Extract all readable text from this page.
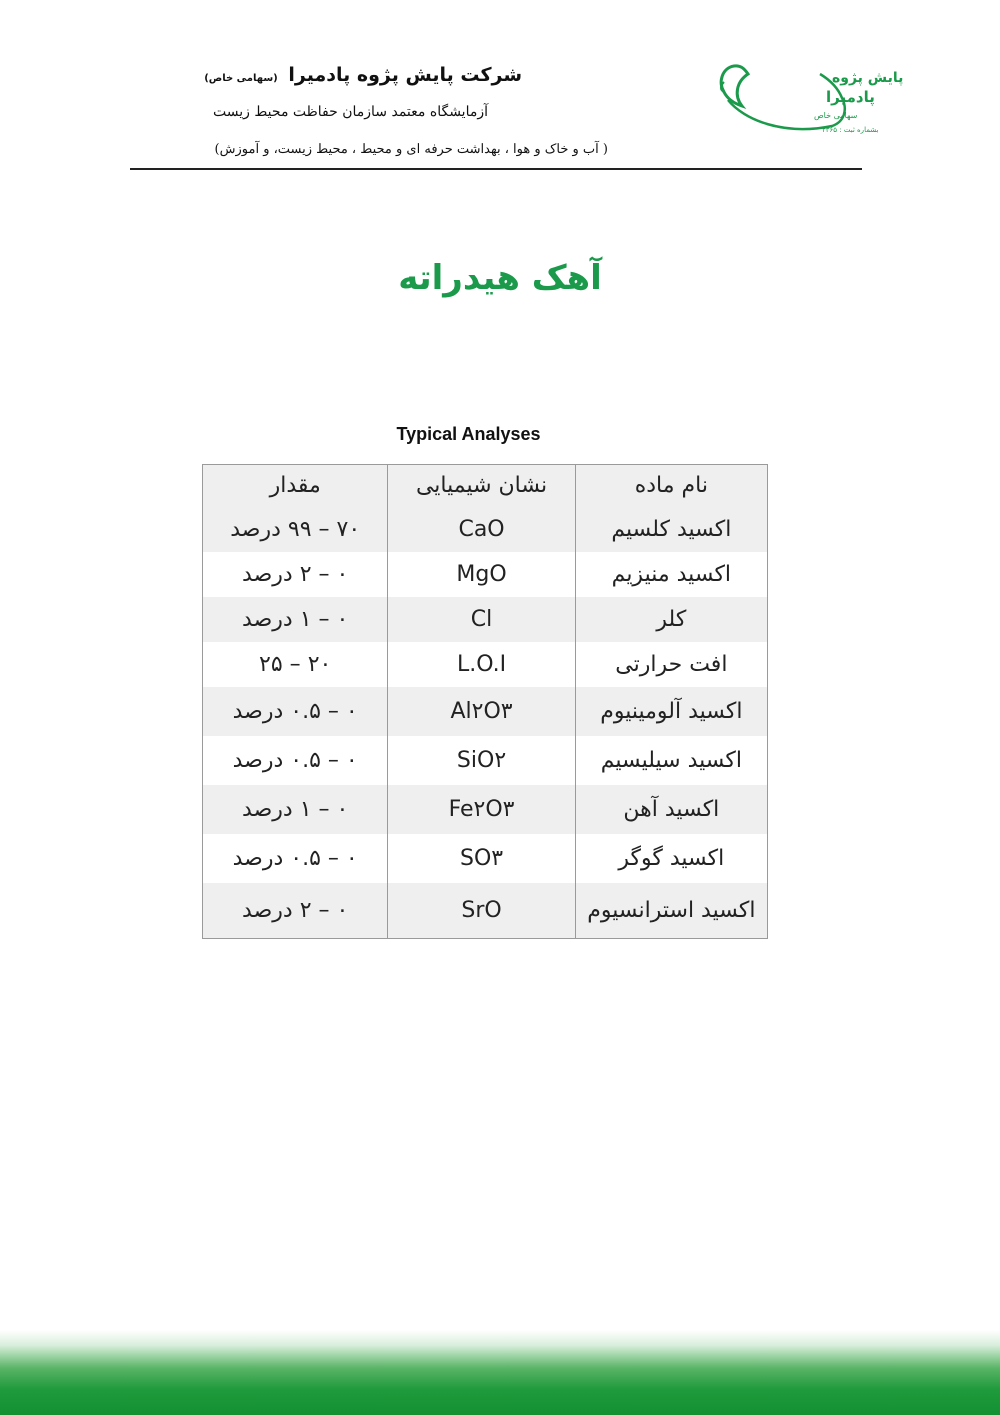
شرکت پایش پژوه پادمیرا (سهامی خاص)
آزمایشگاه معتمد سازمان حفاظت محیط زیست
( آب و خاک و هوا ، بهداشت حرفه ای و محیط ، محیط زیست، و آموزش)
پایش پژوه
پادمیرا
سهامی خاص
بشماره ثبت : ۴۳۶۵
آهک هیدراته
Typical Analyses
نام ماده	نشان شیمیایی	مقدار
اکسید کلسیم	CaO	۷۰ – ۹۹ درصد
اکسید منیزیم	MgO	۰ – ۲ درصد
کلر	Cl	۰ – ۱ درصد
افت حرارتی	L.O.I	۲۰ – ۲۵
اکسید آلومینیوم	Al۲O۳	۰ – ۰.۵ درصد
اکسید سیلیسیم	SiO۲	۰ – ۰.۵ درصد
اکسید آهن	Fe۲O۳	۰ – ۱ درصد
اکسید گوگر	SO۳	۰ – ۰.۵ درصد
اکسید استرانسیوم	SrO	۰ – ۲ درصد
